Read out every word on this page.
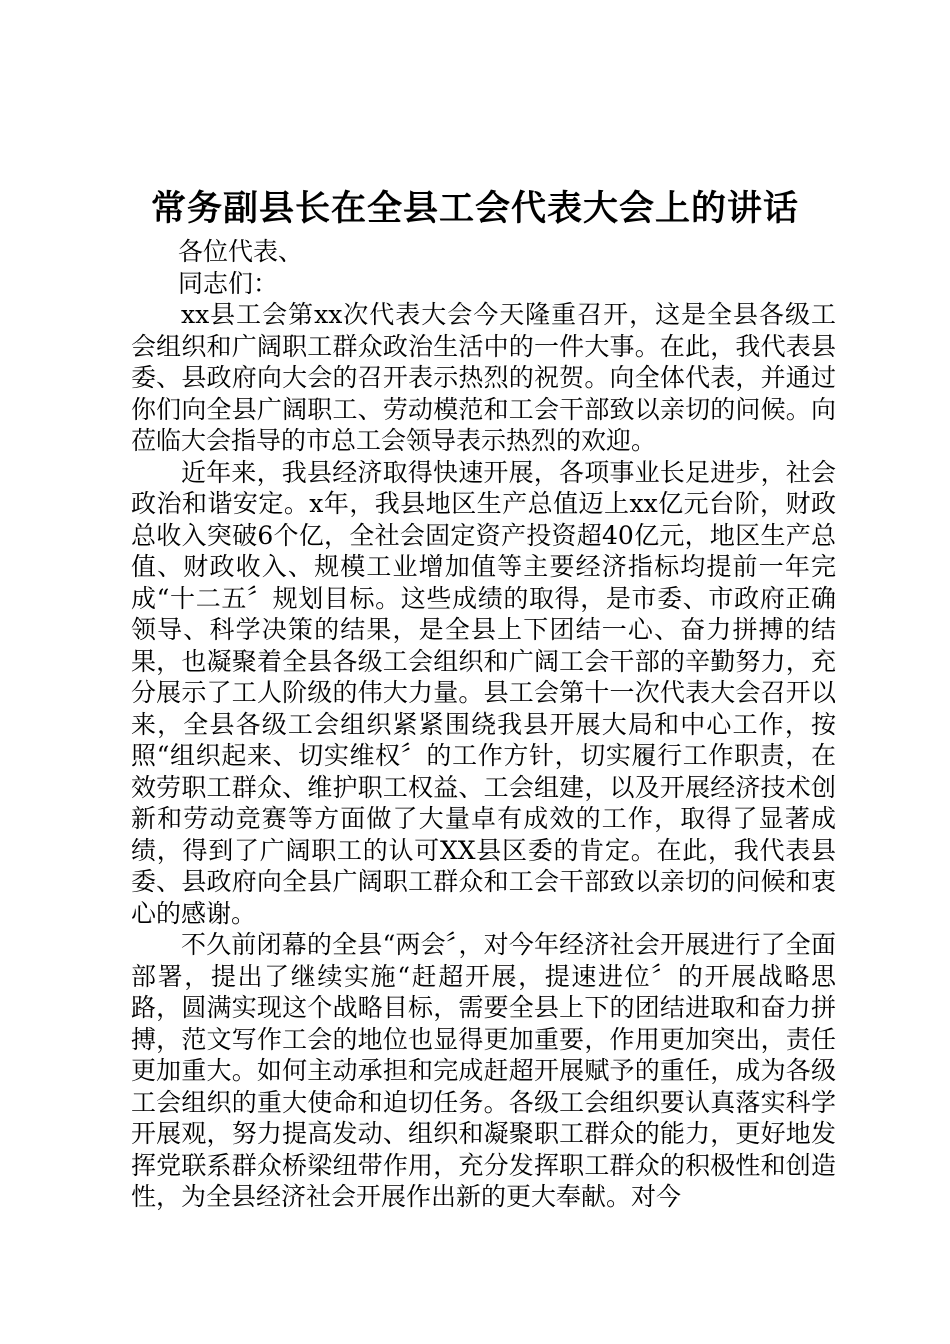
常务副县长在全县工会代表大会上的讲话

各位代表、

同志们：

xx县工会第xx次代表大会今天隆重召开，这是全县各级工会组织和广阔职工群众政治生活中的一件大事。在此，我代表县委、县政府向大会的召开表示热烈的祝贺。向全体代表，并通过你们向全县广阔职工、劳动模范和工会干部致以亲切的问候。向莅临大会指导的市总工会领导表示热烈的欢迎。

近年来，我县经济取得快速开展，各项事业长足进步，社会政治和谐安定。x年，我县地区生产总值迈上xx亿元台阶，财政总收入突破6个亿，全社会固定资产投资超40亿元，地区生产总值、财政收入、规模工业增加值等主要经济指标均提前一年完成“十二五〞规划目标。这些成绩的取得，是市委、市政府正确领导、科学决策的结果，是全县上下团结一心、奋力拼搏的结果，也凝聚着全县各级工会组织和广阔工会干部的辛勤努力，充分展示了工人阶级的伟大力量。县工会第十一次代表大会召开以来，全县各级工会组织紧紧围绕我县开展大局和中心工作，按照“组织起来、切实维权〞的工作方针，切实履行工作职责，在效劳职工群众、维护职工权益、工会组建，以及开展经济技术创新和劳动竞赛等方面做了大量卓有成效的工作，取得了显著成绩，得到了广阔职工的认可XX县区委的肯定。在此，我代表县委、县政府向全县广阔职工群众和工会干部致以亲切的问候和衷心的感谢。

不久前闭幕的全县“两会〞，对今年经济社会开展进行了全面部署，提出了继续实施“赶超开展，提速进位〞的开展战略思路，圆满实现这个战略目标，需要全县上下的团结进取和奋力拼搏，范文写作工会的地位也显得更加重要，作用更加突出，责任更加重大。如何主动承担和完成赶超开展赋予的重任，成为各级工会组织的重大使命和迫切任务。各级工会组织要认真落实科学开展观，努力提高发动、组织和凝聚职工群众的能力，更好地发挥党联系群众桥梁纽带作用，充分发挥职工群众的积极性和创造性，为全县经济社会开展作出新的更大奉献。对今
